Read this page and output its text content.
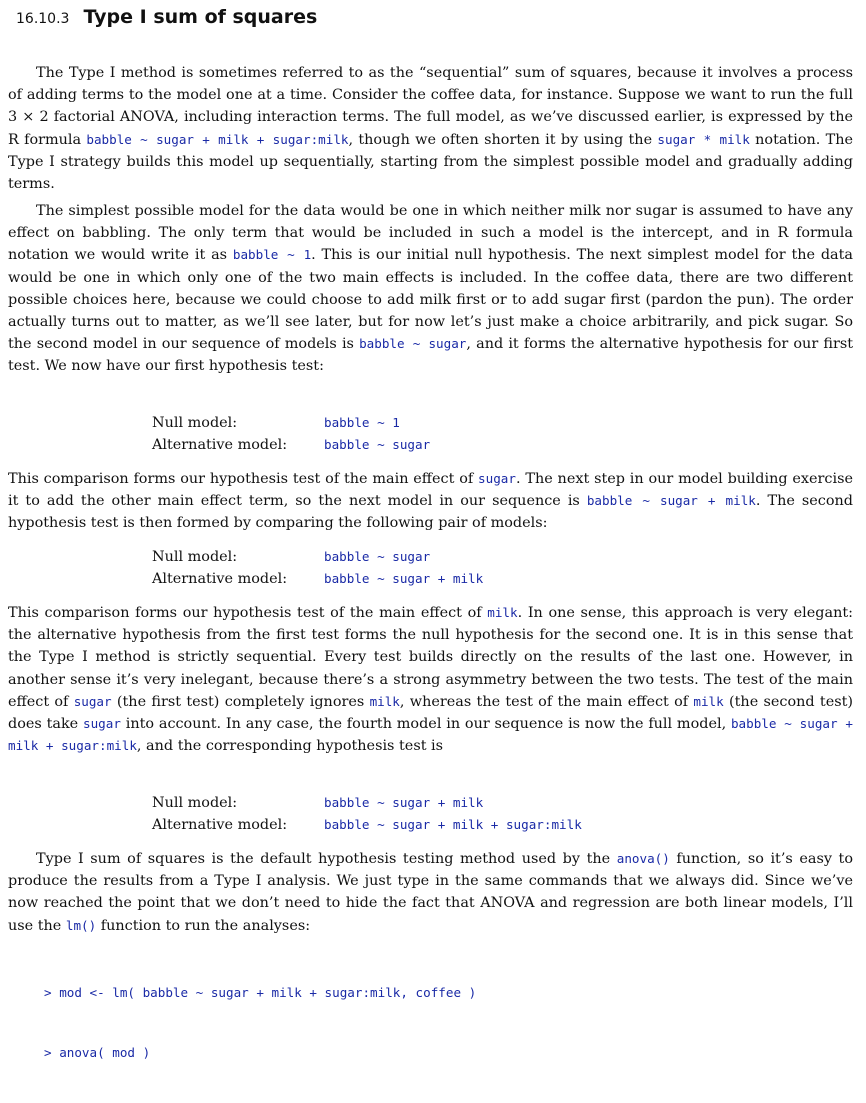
16.10.3 Type I sum of squares

The Type I method is sometimes referred to as the “sequential” sum of squares, because it involves a process of adding terms to the model one at a time. Consider the coffee data, for instance. Suppose we want to run the full 3 × 2 factorial ANOVA, including interaction terms. The full model, as we’ve discussed earlier, is expressed by the R formula babble ~ sugar + milk + sugar:milk, though we often shorten it by using the sugar * milk notation. The Type I strategy builds this model up sequentially, starting from the simplest possible model and gradually adding terms.

The simplest possible model for the data would be one in which neither milk nor sugar is assumed to have any effect on babbling. The only term that would be included in such a model is the intercept, and in R formula notation we would write it as babble ~ 1. This is our initial null hypothesis. The next simplest model for the data would be one in which only one of the two main effects is included. In the coffee data, there are two different possible choices here, because we could choose to add milk first or to add sugar first (pardon the pun). The order actually turns out to matter, as we’ll see later, but for now let’s just make a choice arbitrarily, and pick sugar. So the second model in our sequence of models is babble ~ sugar, and it forms the alternative hypothesis for our first test. We now have our first hypothesis test:

Null model:	babble ~ 1
Alternative model:	babble ~ sugar

This comparison forms our hypothesis test of the main effect of sugar. The next step in our model building exercise it to add the other main effect term, so the next model in our sequence is babble ~ sugar + milk. The second hypothesis test is then formed by comparing the following pair of models:

Null model:	babble ~ sugar
Alternative model:	babble ~ sugar + milk

This comparison forms our hypothesis test of the main effect of milk. In one sense, this approach is very elegant: the alternative hypothesis from the first test forms the null hypothesis for the second one. It is in this sense that the Type I method is strictly sequential. Every test builds directly on the results of the last one. However, in another sense it’s very inelegant, because there’s a strong asymmetry between the two tests. The test of the main effect of sugar (the first test) completely ignores milk, whereas the test of the main effect of milk (the second test) does take sugar into account. In any case, the fourth model in our sequence is now the full model, babble ~ sugar + milk + sugar:milk, and the corresponding hypothesis test is

Null model:	babble ~ sugar + milk
Alternative model:	babble ~ sugar + milk + sugar:milk

Type I sum of squares is the default hypothesis testing method used by the anova() function, so it’s easy to produce the results from a Type I analysis. We just type in the same commands that we always did. Since we’ve now reached the point that we don’t need to hide the fact that ANOVA and regression are both linear models, I’ll use the lm() function to run the analyses:

> mod <- lm( babble ~ sugar + milk + sugar:milk, coffee )

> anova( mod )
